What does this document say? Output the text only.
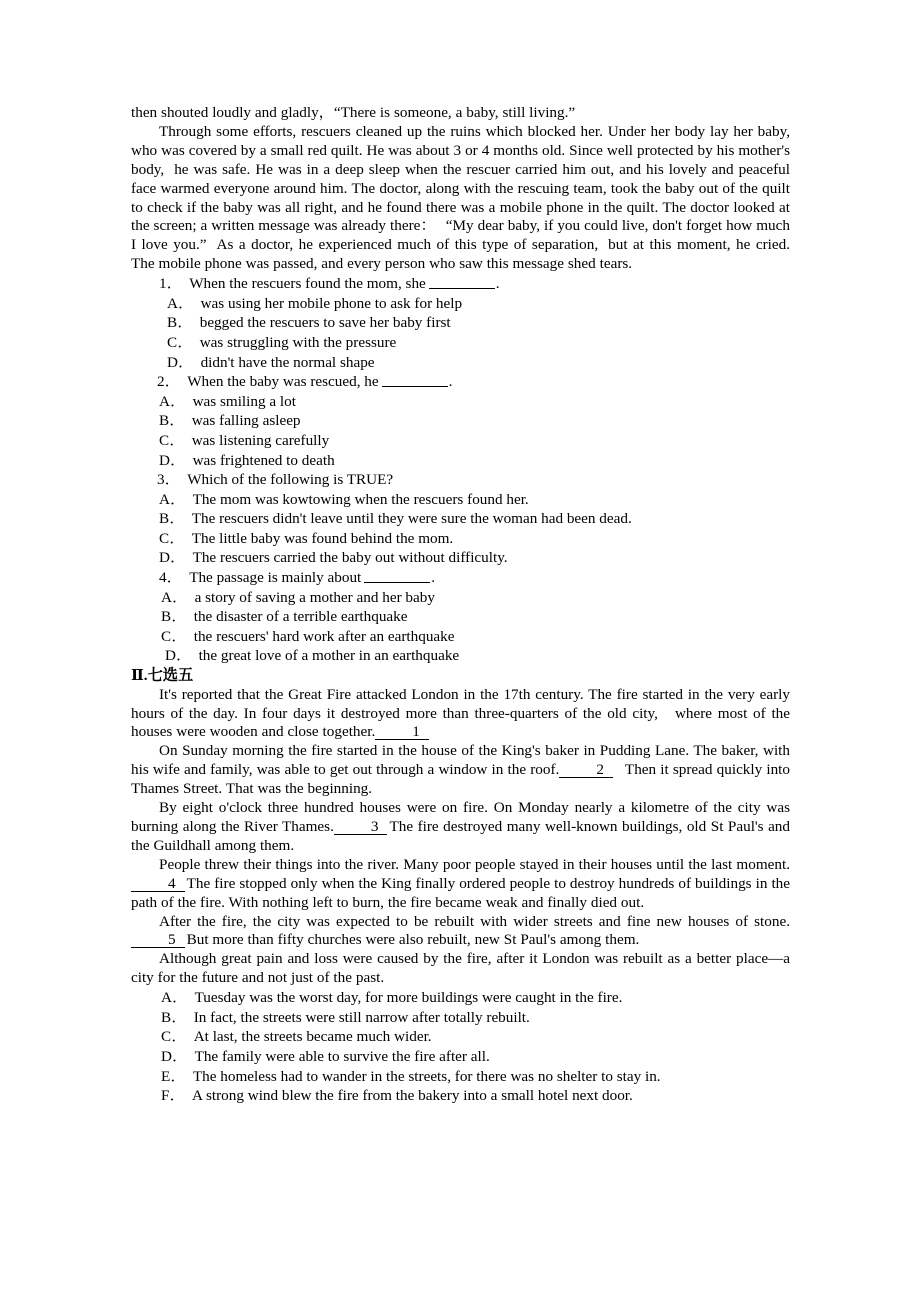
then shouted loudly and gladly，“There is someone, a baby, still living.”

Through some efforts, rescuers cleaned up the ruins which blocked her. Under her body lay her baby, who was covered by a small red quilt. He was about 3 or 4 months old. Since well protected by his mother's body, he was safe. He was in a deep sleep when the rescuer carried him out, and his lovely and peaceful face warmed everyone around him. The doctor, along with the rescuing team, took the baby out of the quilt to check if the baby was all right, and he found there was a mobile phone in the quilt. The doctor looked at the screen; a written message was already there： “My dear baby, if you could live, don't forget how much I love you.” As a doctor, he experienced much of this type of separation, but at this moment, he cried. The mobile phone was passed, and every person who saw this message shed tears.

1． When the rescuers found the mom, she	.
A． was using her mobile phone to ask for help
B． begged the rescuers to save her baby first
C． was struggling with the pressure
D． didn't have the normal shape
2． When the baby was rescued, he	.
A． was smiling a lot
B． was falling asleep
C． was listening carefully
D． was frightened to death
3． Which of the following is TRUE?
A． The mom was kowtowing when the rescuers found her.
B． The rescuers didn't leave until they were sure the woman had been dead.
C． The little baby was found behind the mom.
D． The rescuers carried the baby out without difficulty.
4． The passage is mainly about	.
A． a story of saving a mother and her baby
B． the disaster of a terrible earthquake
C． the rescuers' hard work after an earthquake
D． the great love of a mother in an earthquake
Ⅱ.七选五

It's reported that the Great Fire attacked London in the 17th century. The fire started in the very early hours of the day. In four days it destroyed more than three-quarters of the old city, where most of the houses were wooden and close together. 1

On Sunday morning the fire started in the house of the King's baker in Pudding Lane. The baker, with his wife and family, was able to get out through a window in the roof. 2 Then it spread quickly into Thames Street. That was the beginning.

By eight o'clock three hundred houses were on fire. On Monday nearly a kilometre of the city was burning along the River Thames. 3 The fire destroyed many well-known buildings, old St Paul's and the Guildhall among them.

People threw their things into the river. Many poor people stayed in their houses until the last moment.4 The fire stopped only when the King finally ordered people to destroy hundreds of buildings in the path of the fire. With nothing left to burn, the fire became weak and finally died out.

After the fire, the city was expected to be rebuilt with wider streets and fine new houses of stone.5 But more than fifty churches were also rebuilt, new St Paul's among them.

Although great pain and loss were caused by the fire, after it London was rebuilt as a better place—a city for the future and not just of the past.

A． Tuesday was the worst day, for more buildings were caught in the fire.
B． In fact, the streets were still narrow after totally rebuilt.
C． At last, the streets became much wider.
D． The family were able to survive the fire after all.
E． The homeless had to wander in the streets, for there was no shelter to stay in.
F． A strong wind blew the fire from the bakery into a small hotel next door.
